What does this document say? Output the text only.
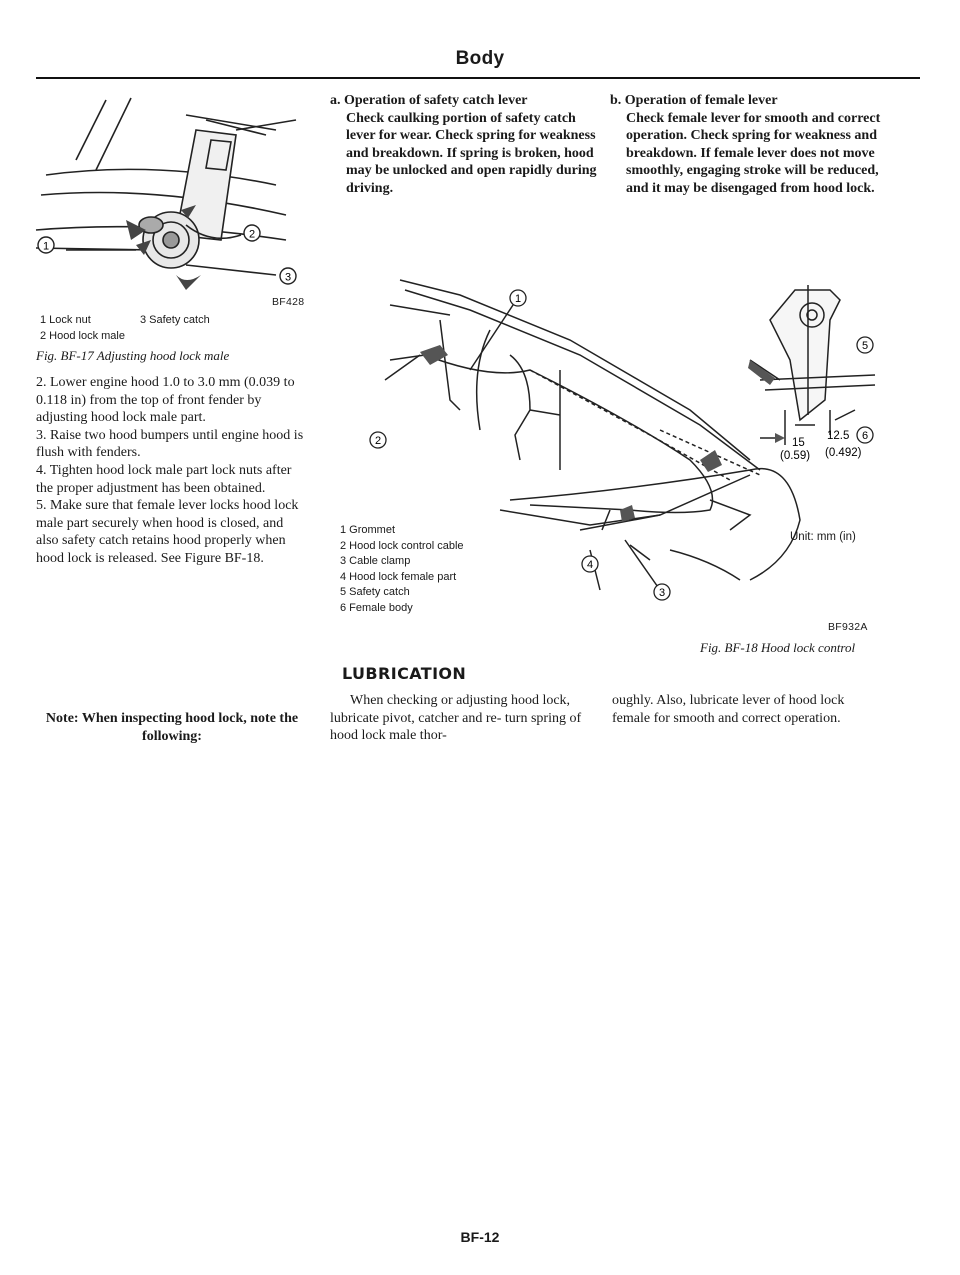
Body
1
2
3
BF428
1 Lock nut
2 Hood lock male
3 Safety catch
Fig. BF-17 Adjusting hood lock male

2. Lower engine hood 1.0 to 3.0 mm (0.039 to 0.118 in) from the top of front fender by adjusting hood lock male part.

3. Raise two hood bumpers until engine hood is flush with fenders.

4. Tighten hood lock male part lock nuts after the proper adjustment has been obtained.

5. Make sure that female lever locks hood lock male part securely when hood is closed, and also safety catch retains hood properly when hood lock is released. See Figure BF-18.

Note: When inspecting hood lock, note the following:

a. Operation of safety catch lever

Check caulking portion of safety catch lever for wear. Check spring for weakness and breakdown. If spring is broken, hood may be unlocked and open rapidly during driving.

b. Operation of female lever

Check female lever for smooth and correct operation. Check spring for weakness and breakdown. If female lever does not move smoothly, engaging stroke will be reduced, and it may be disengaged from hood lock.

1
2
3
4
5
6
15
(0.59)
12.5
(0.492)
1 Grommet
2 Hood lock control cable
3 Cable clamp
4 Hood lock female part
5 Safety catch
6 Female body
Unit: mm (in)
BF932A
Fig. BF-18 Hood lock control
LUBRICATION
When checking or adjusting hood lock, lubricate pivot, catcher and re- turn spring of hood lock male thor-
oughly. Also, lubricate lever of hood lock female for smooth and correct operation.
BF-12
